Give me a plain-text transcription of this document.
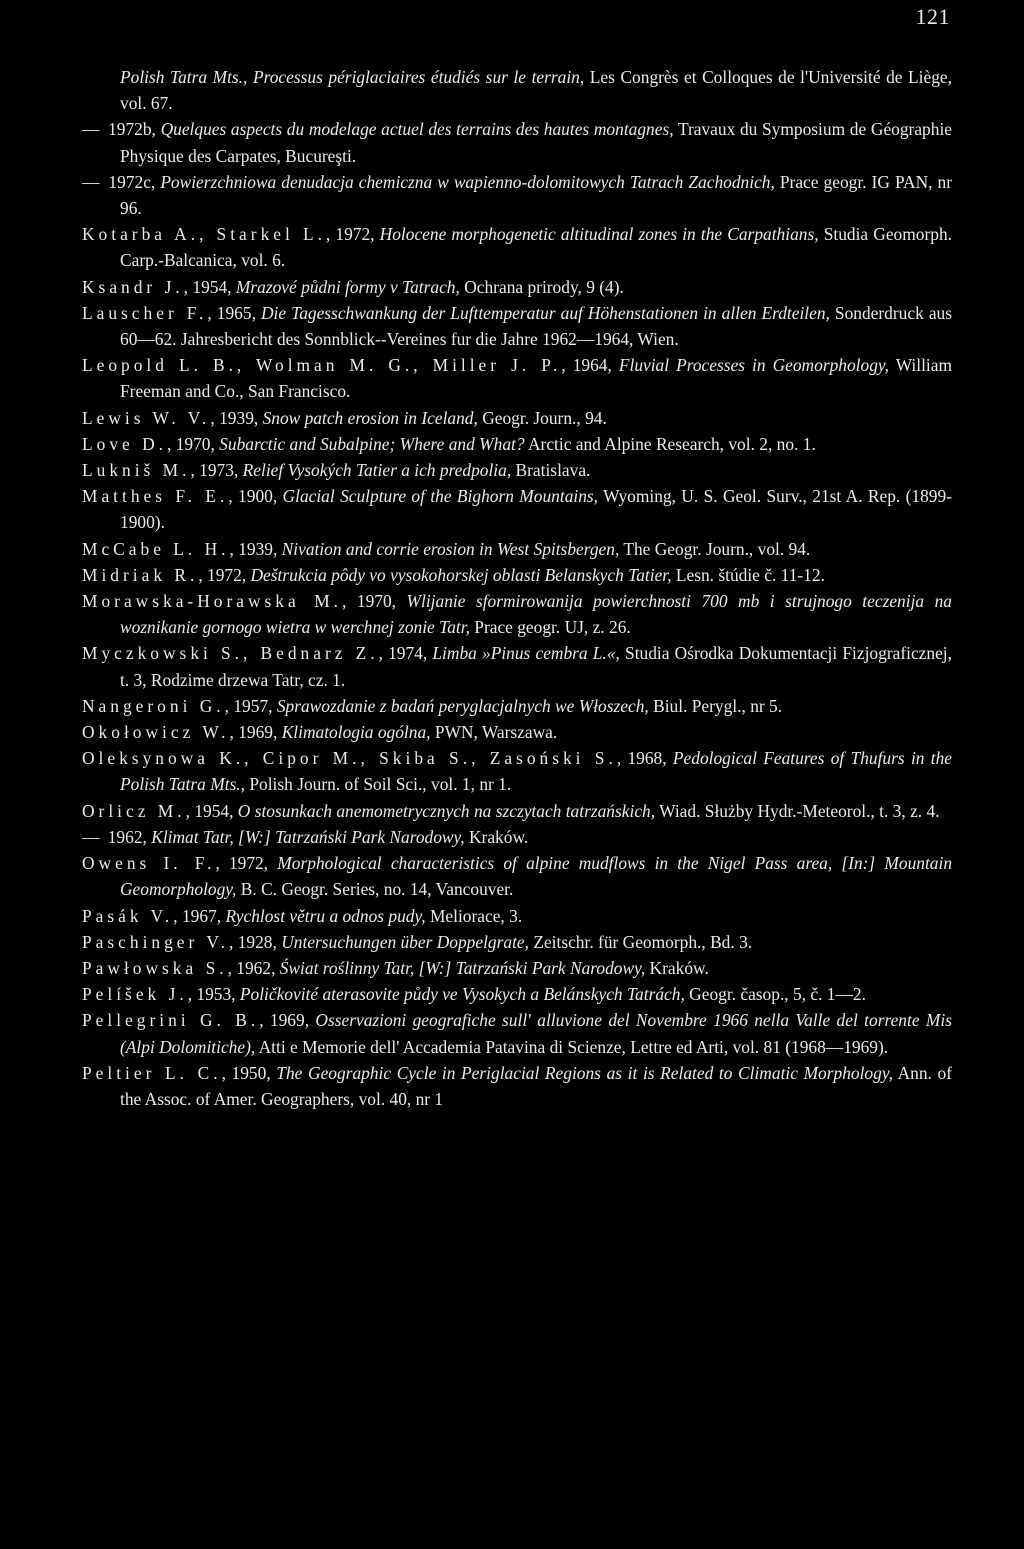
121

Polish Tatra Mts., Processus périglaciaires étudiés sur le terrain, Les Congrès et Colloques de l'Université de Liège, vol. 67.

— 1972b, Quelques aspects du modelage actuel des terrains des hautes montagnes, Travaux du Symposium de Géographie Physique des Carpates, Bucureşti.

— 1972c, Powierzchniowa denudacja chemiczna w wapienno-dolomitowych Tatrach Zachodnich, Prace geogr. IG PAN, nr 96.

Kotarba A., Starkel L., 1972, Holocene morphogenetic altitudinal zones in the Carpathians, Studia Geomorph. Carp.-Balcanica, vol. 6.

Ksandr J., 1954, Mrazové půdni formy v Tatrach, Ochrana prirody, 9 (4).

Lauscher F., 1965, Die Tagesschwankung der Lufttemperatur auf Höhenstationen in allen Erdteilen, Sonderdruck aus 60—62. Jahresbericht des Sonnblick--Vereines fur die Jahre 1962—1964, Wien.

Leopold L. B., Wolman M. G., Miller J. P., 1964, Fluvial Processes in Geomorphology, William Freeman and Co., San Francisco.

Lewis W. V., 1939, Snow patch erosion in Iceland, Geogr. Journ., 94.

Love D., 1970, Subarctic and Subalpine; Where and What? Arctic and Alpine Research, vol. 2, no. 1.

Lukniš M., 1973, Relief Vysokých Tatier a ich predpolia, Bratislava.

Matthes F. E., 1900, Glacial Sculpture of the Bighorn Mountains, Wyoming, U. S. Geol. Surv., 21st A. Rep. (1899-1900).

McCabe L. H., 1939, Nivation and corrie erosion in West Spitsbergen, The Geogr. Journ., vol. 94.

Midriak R., 1972, Deštrukcia pôdy vo vysokohorskej oblasti Belanskych Tatier, Lesn. štúdie č. 11-12.

Morawska-Horawska M., 1970, Wlijanie sformirowanija powierchnosti 700 mb i strujnogo teczenija na woznikanie gornogo wietra w werchnej zonie Tatr, Prace geogr. UJ, z. 26.

Myczkowski S., Bednarz Z., 1974, Limba »Pinus cembra L.«, Studia Ośrodka Dokumentacji Fizjograficznej, t. 3, Rodzime drzewa Tatr, cz. 1.

Nangeroni G., 1957, Sprawozdanie z badań peryglacjalnych we Włoszech, Biul. Perygl., nr 5.

Okołowicz W., 1969, Klimatologia ogólna, PWN, Warszawa.

Oleksynowa K., Cipor M., Skiba S., Zasoński S., 1968, Pedological Features of Thufurs in the Polish Tatra Mts., Polish Journ. of Soil Sci., vol. 1, nr 1.

Orlicz M., 1954, O stosunkach anemometrycznych na szczytach tatrzańskich, Wiad. Służby Hydr.-Meteorol., t. 3, z. 4.

— 1962, Klimat Tatr, [W:] Tatrzański Park Narodowy, Kraków.

Owens I. F., 1972, Morphological characteristics of alpine mudflows in the Nigel Pass area, [In:] Mountain Geomorphology, B. C. Geogr. Series, no. 14, Vancouver.

Pasák V., 1967, Rychlost větru a odnos pudy, Meliorace, 3.

Paschinger V., 1928, Untersuchungen über Doppelgrate, Zeitschr. für Geomorph., Bd. 3.

Pawłowska S., 1962, Świat roślinny Tatr, [W:] Tatrzański Park Narodowy, Kraków.

Pelíšek J., 1953, Poličkovité aterasovite půdy ve Vysokych a Belánskych Tatrách, Geogr. časop., 5, č. 1—2.

Pellegrini G. B., 1969, Osservazioni geografiche sull' alluvione del Novembre 1966 nella Valle del torrente Mis (Alpi Dolomitiche), Atti e Memorie dell' Accademia Patavina di Scienze, Lettre ed Arti, vol. 81 (1968—1969).

Peltier L. C., 1950, The Geographic Cycle in Periglacial Regions as it is Related to Climatic Morphology, Ann. of the Assoc. of Amer. Geographers, vol. 40, nr 1
